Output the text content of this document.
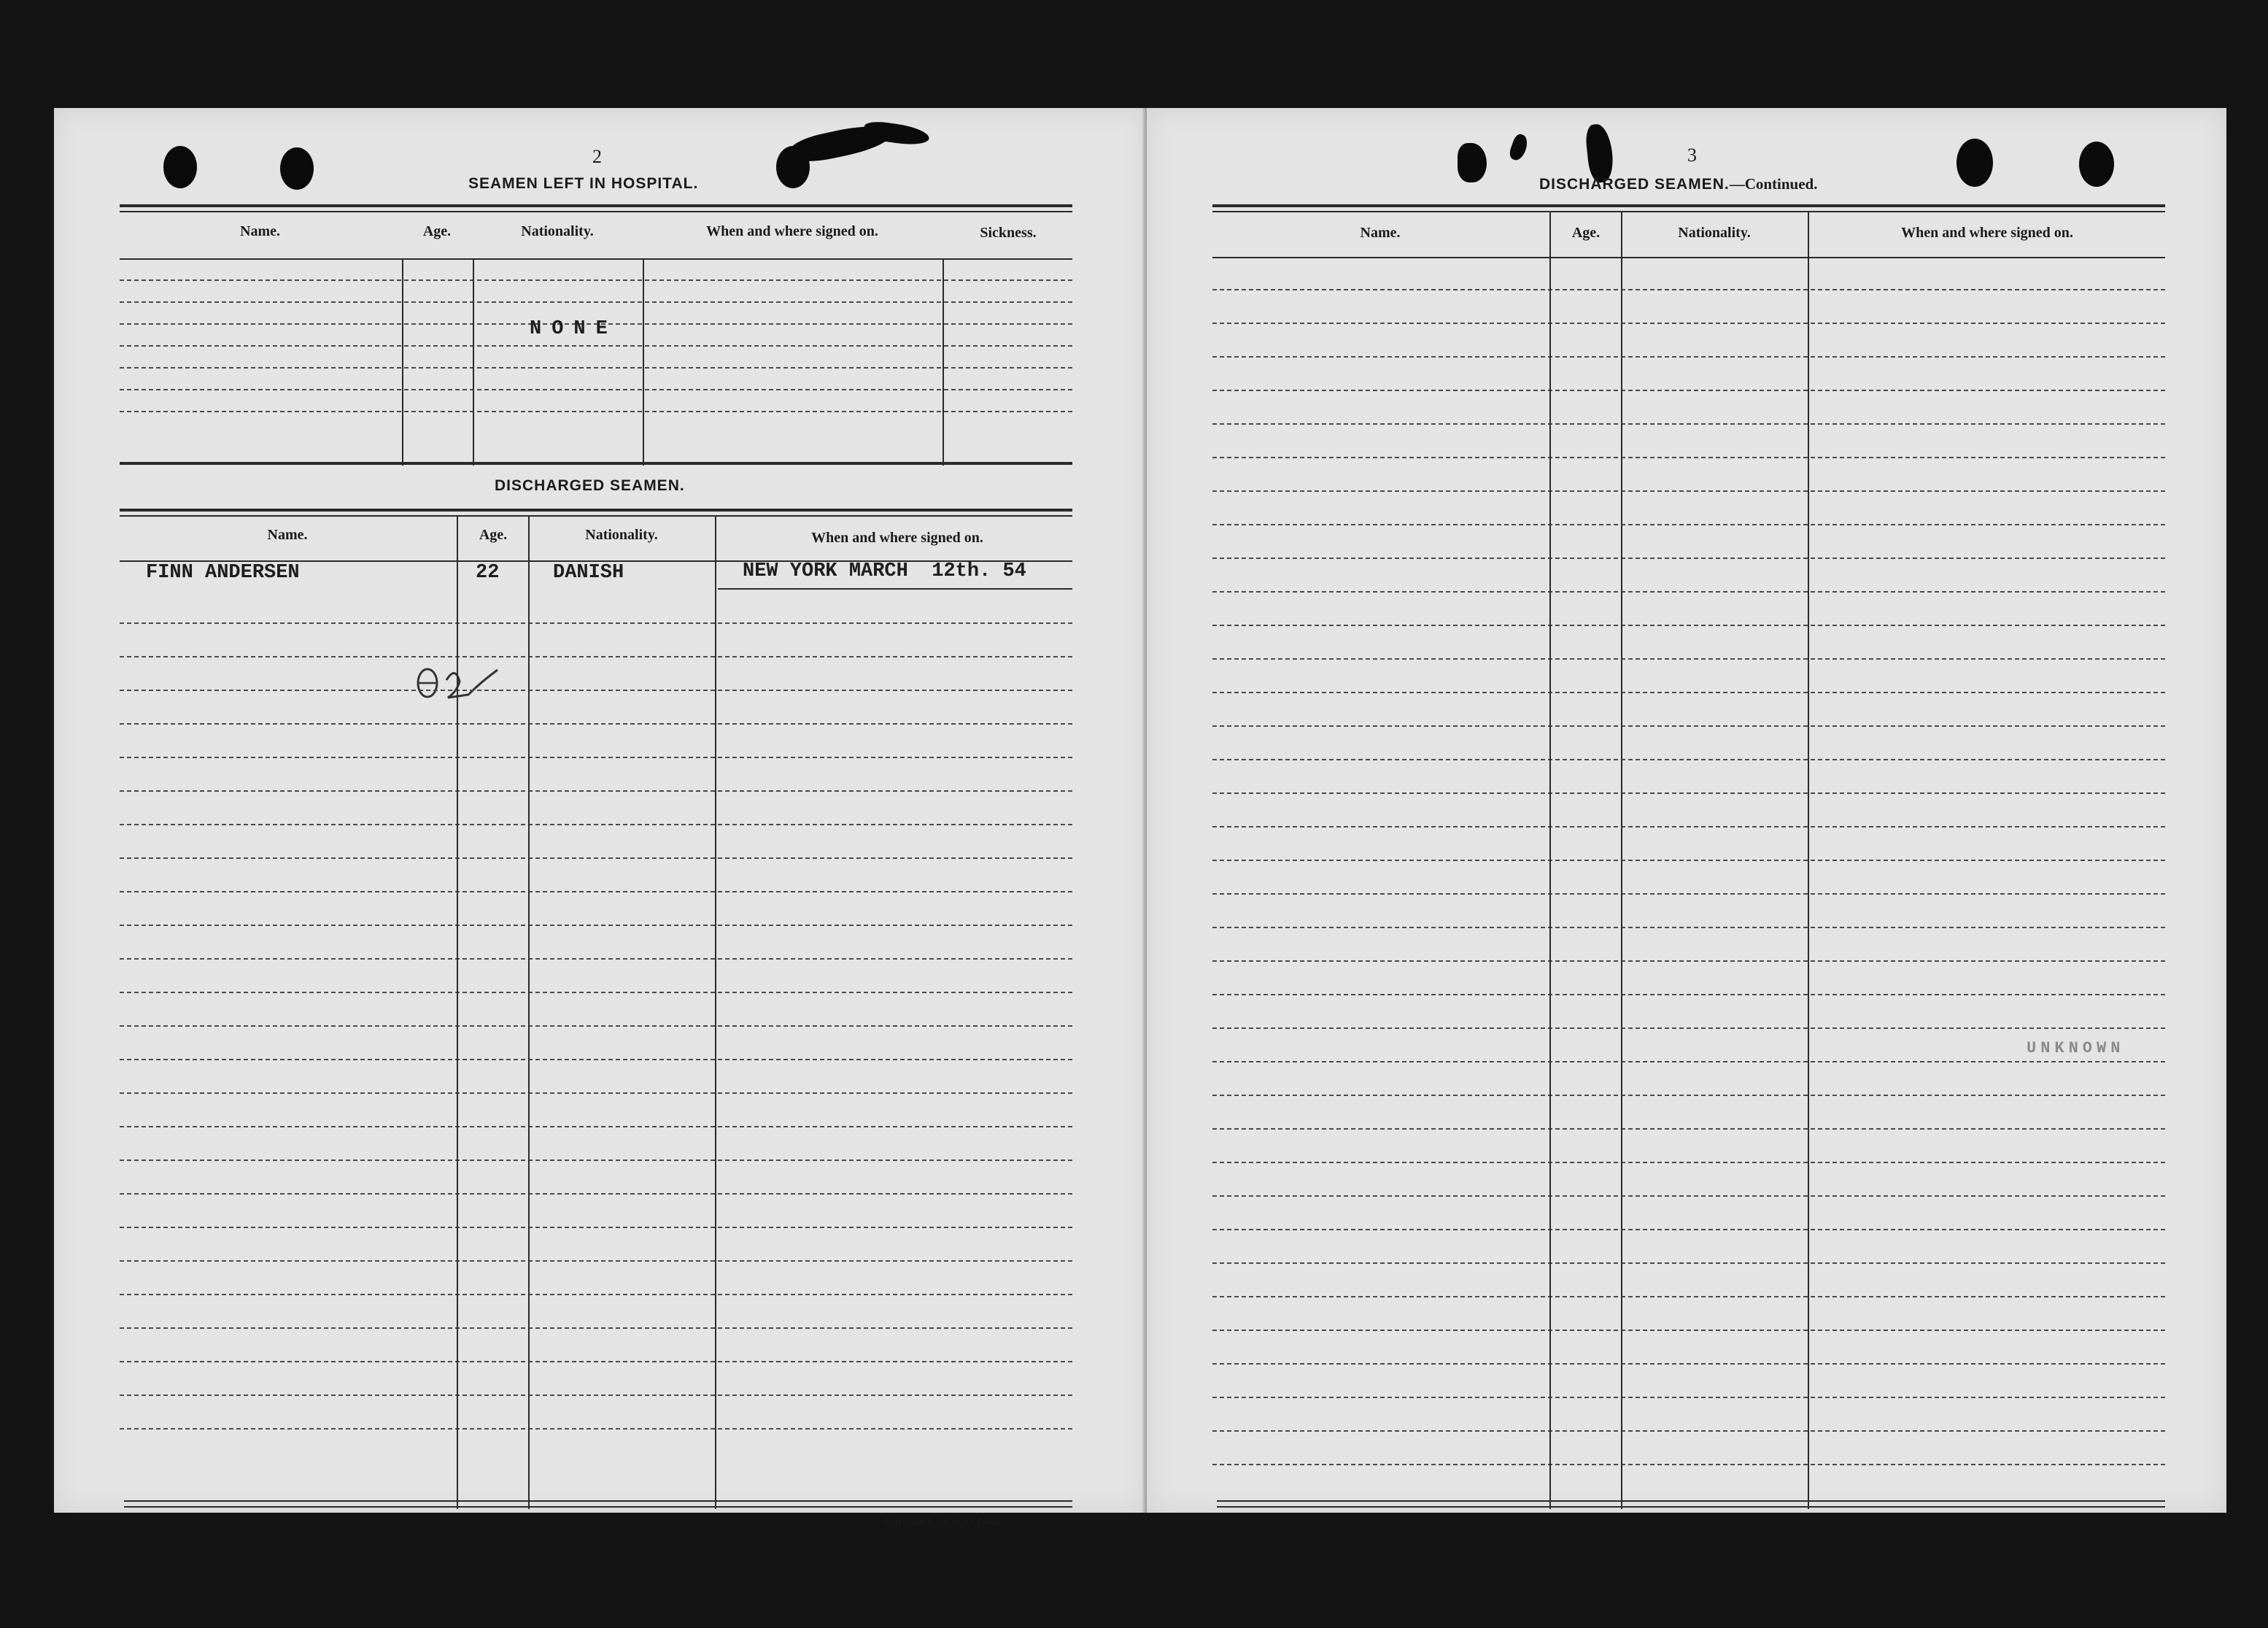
2
SEAMEN LEFT IN HOSPITAL.
Name.	Age.	Nationality.	When and where signed on.	Sickness.
NONE
DISCHARGED SEAMEN.
Name.	Age.	Nationality.	When and where signed on.
FINN ANDERSEN	22	DANISH	NEW YORK MARCH  12th. 54
CONTINUED ON NEXT PAGE.
3
DISCHARGED SEAMEN.—Continued.
Name.	Age.	Nationality.	When and where signed on.
UNKNOWN
